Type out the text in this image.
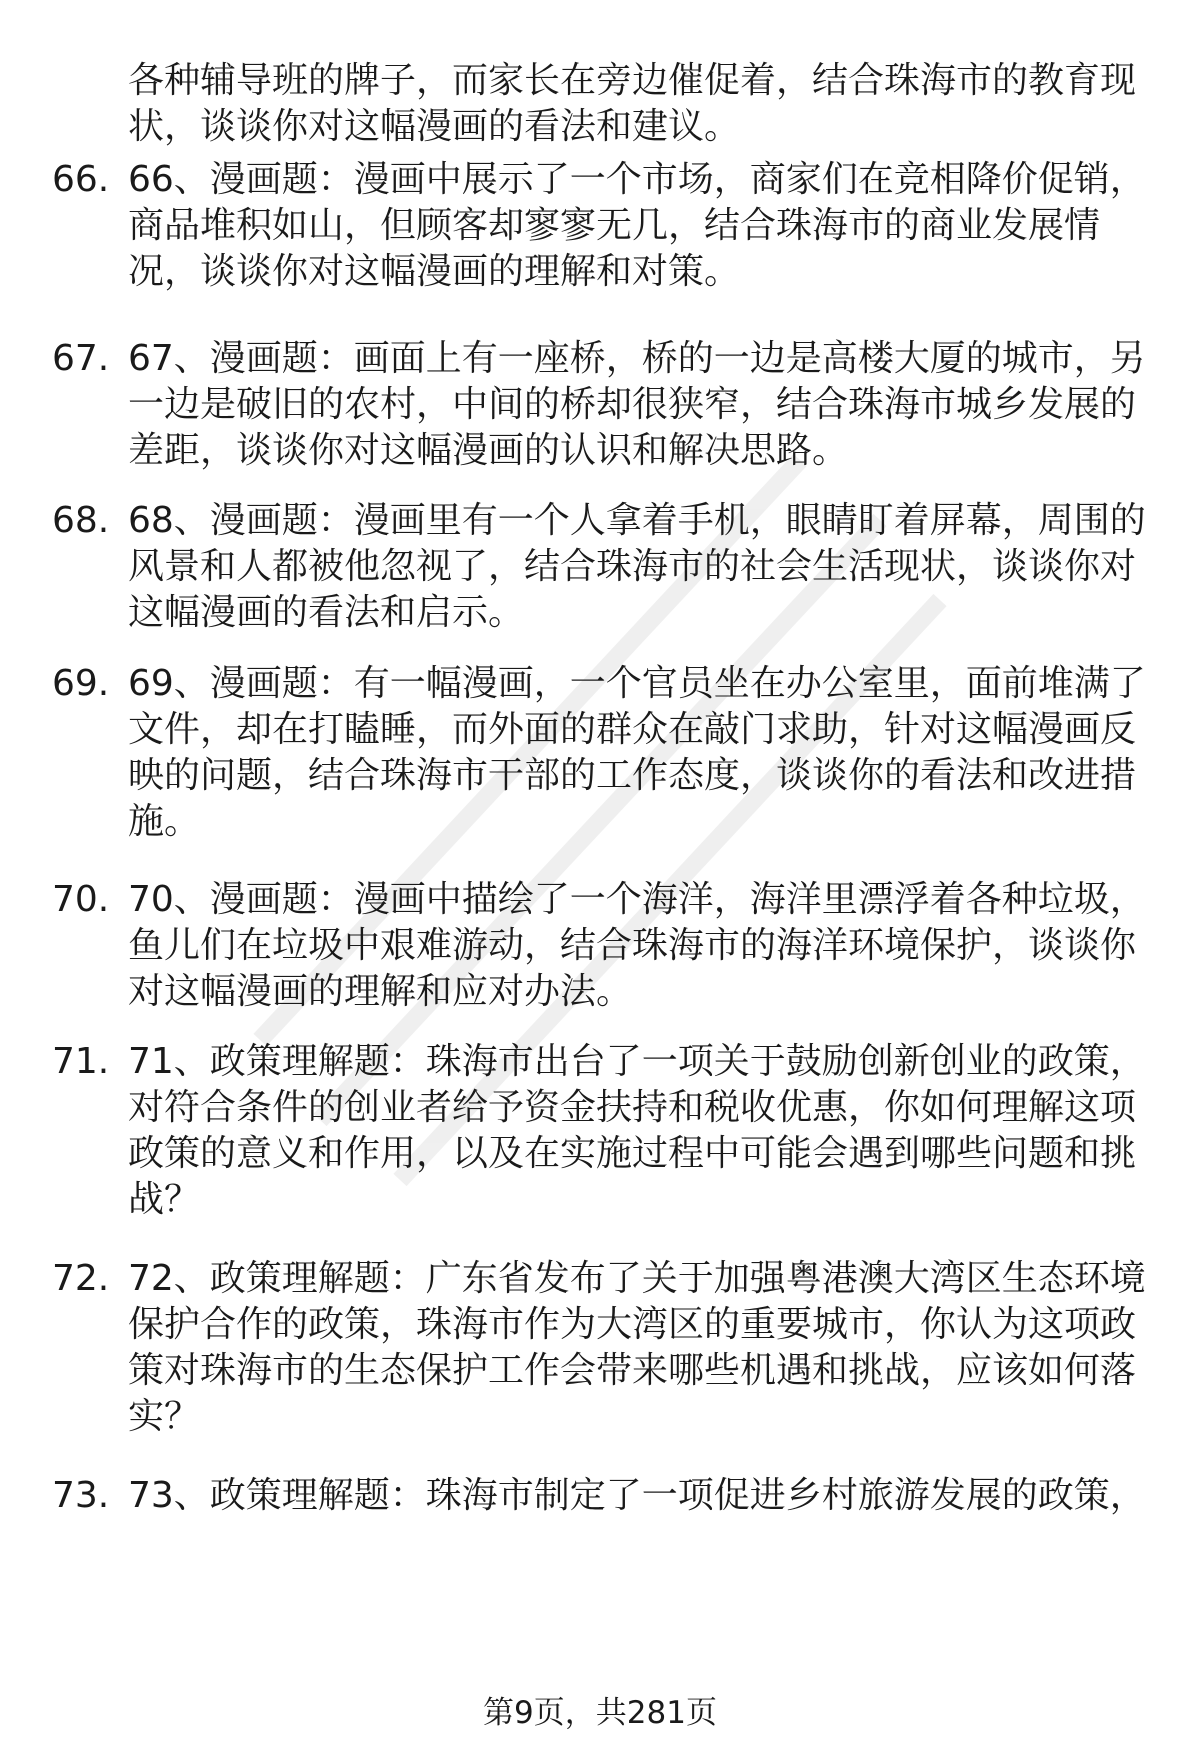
各种辅导班的牌子，而家长在旁边催促着，结合珠海市的教育现状，谈谈你对这幅漫画的看法和建议。

66. 66、漫画题：漫画中展示了一个市场，商家们在竞相降价促销，商品堆积如山，但顾客却寥寥无几，结合珠海市的商业发展情况，谈谈你对这幅漫画的理解和对策。

67. 67、漫画题：画面上有一座桥，桥的一边是高楼大厦的城市，另一边是破旧的农村，中间的桥却很狭窄，结合珠海市城乡发展的差距，谈谈你对这幅漫画的认识和解决思路。

68. 68、漫画题：漫画里有一个人拿着手机，眼睛盯着屏幕，周围的风景和人都被他忽视了，结合珠海市的社会生活现状，谈谈你对这幅漫画的看法和启示。

69. 69、漫画题：有一幅漫画，一个官员坐在办公室里，面前堆满了文件，却在打瞌睡，而外面的群众在敲门求助，针对这幅漫画反映的问题，结合珠海市干部的工作态度，谈谈你的看法和改进措施。

70. 70、漫画题：漫画中描绘了一个海洋，海洋里漂浮着各种垃圾，鱼儿们在垃圾中艰难游动，结合珠海市的海洋环境保护，谈谈你对这幅漫画的理解和应对办法。

71. 71、政策理解题：珠海市出台了一项关于鼓励创新创业的政策，对符合条件的创业者给予资金扶持和税收优惠，你如何理解这项政策的意义和作用，以及在实施过程中可能会遇到哪些问题和挑战？

72. 72、政策理解题：广东省发布了关于加强粤港澳大湾区生态环境保护合作的政策，珠海市作为大湾区的重要城市，你认为这项政策对珠海市的生态保护工作会带来哪些机遇和挑战，应该如何落实？

73. 73、政策理解题：珠海市制定了一项促进乡村旅游发展的政策，

第9页，共281页
